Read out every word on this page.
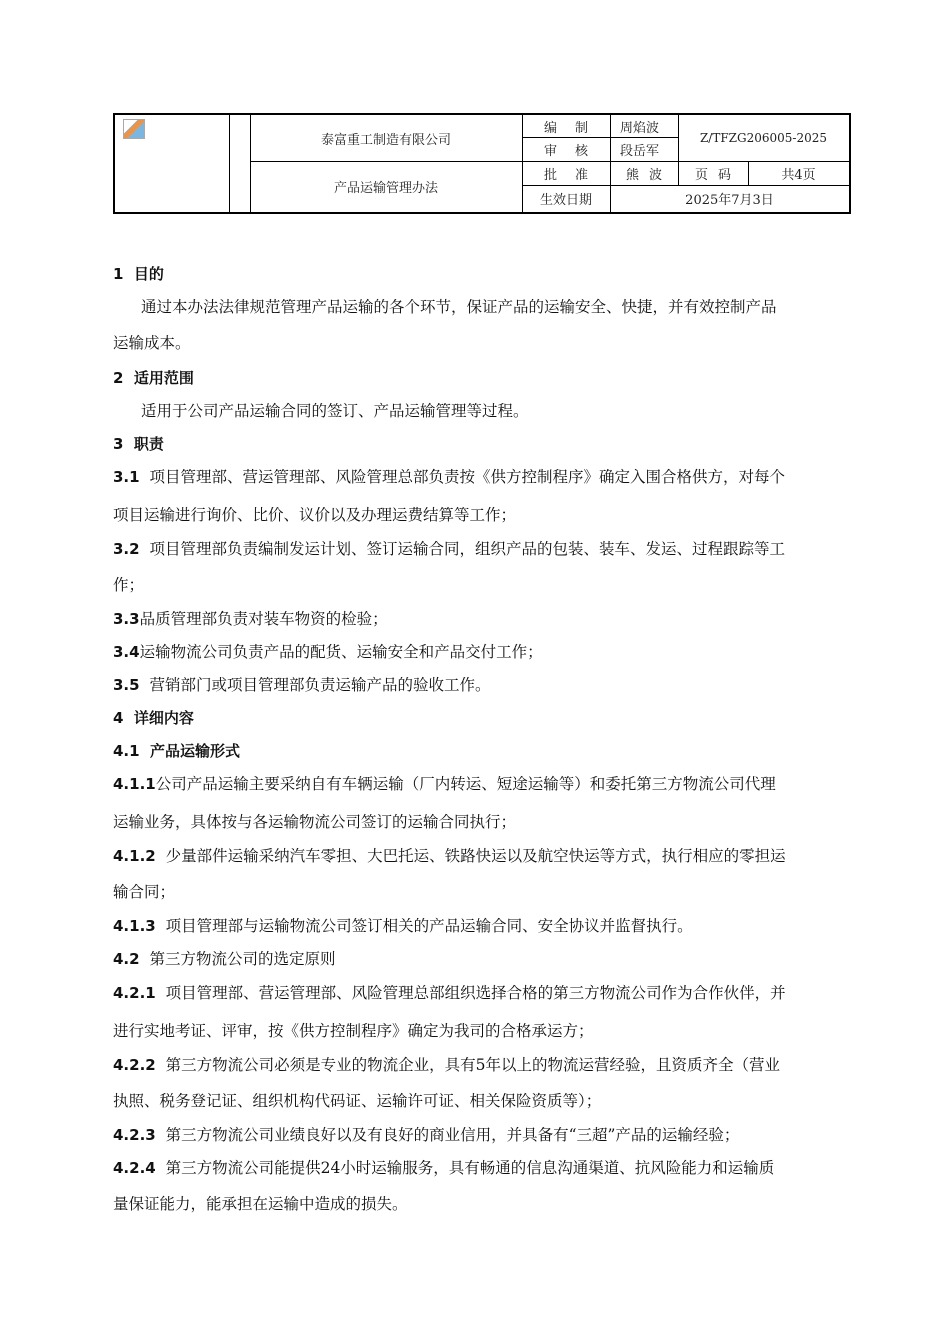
泰富重工制造有限公司
产品运输管理办法
编制	周焰波
审核	段岳军
Z/TFZG206005-2025
批准	熊波	页码	共4页
生效日期	2025年7月3日
1 目的
通过本办法法律规范管理产品运输的各个环节，保证产品的运输安全、快捷，并有效控制产品
运输成本。
2 适用范围
适用于公司产品运输合同的签订、产品运输管理等过程。
3 职责
3.1 项目管理部、营运管理部、风险管理总部负责按《供方控制程序》确定入围合格供方，对每个
项目运输进行询价、比价、议价以及办理运费结算等工作；
3.2 项目管理部负责编制发运计划、签订运输合同，组织产品的包装、装车、发运、过程跟踪等工
作；
3.3品质管理部负责对装车物资的检验；
3.4运输物流公司负责产品的配货、运输安全和产品交付工作；
3.5 营销部门或项目管理部负责运输产品的验收工作。
4 详细内容
4.1 产品运输形式
4.1.1公司产品运输主要采纳自有车辆运输（厂内转运、短途运输等）和委托第三方物流公司代理
运输业务，具体按与各运输物流公司签订的运输合同执行；
4.1.2 少量部件运输采纳汽车零担、大巴托运、铁路快运以及航空快运等方式，执行相应的零担运
输合同；
4.1.3 项目管理部与运输物流公司签订相关的产品运输合同、安全协议并监督执行。
4.2 第三方物流公司的选定原则
4.2.1 项目管理部、营运管理部、风险管理总部组织选择合格的第三方物流公司作为合作伙伴，并
进行实地考证、评审，按《供方控制程序》确定为我司的合格承运方；
4.2.2 第三方物流公司必须是专业的物流企业，具有5年以上的物流运营经验，且资质齐全（营业
执照、税务登记证、组织机构代码证、运输许可证、相关保险资质等）；
4.2.3 第三方物流公司业绩良好以及有良好的商业信用，并具备有“三超”产品的运输经验；
4.2.4 第三方物流公司能提供24小时运输服务，具有畅通的信息沟通渠道、抗风险能力和运输质
量保证能力，能承担在运输中造成的损失。
